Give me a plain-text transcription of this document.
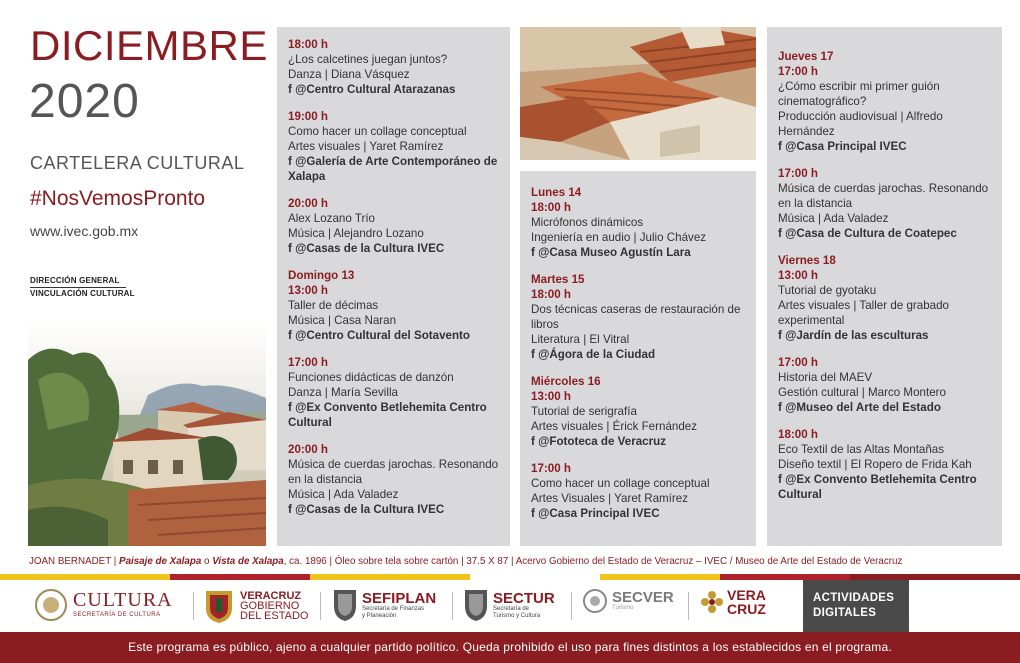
DICIEMBRE
2020
CARTELERA CULTURAL
#NosVemosPronto
www.ivec.gob.mx
DIRECCIÓN GENERAL
VINCULACIÓN CULTURAL
18:00 h
¿Los calcetines juegan juntos?
Danza | Diana Vásquez
f @Centro Cultural Atarazanas
19:00 h
Como hacer un collage conceptual
Artes visuales | Yaret Ramírez
f @Galería de Arte Contemporáneo de Xalapa
20:00 h
Alex Lozano Trío
Música | Alejandro Lozano
f @Casas de la Cultura IVEC
Domingo 13
13:00 h
Taller de décimas
Música | Casa Naran
f @Centro Cultural del Sotavento
17:00 h
Funciones didácticas de danzón
Danza | María Sevilla
f @Ex Convento Betlehemita Centro Cultural
20:00 h
Música de cuerdas jarochas. Resonando en la distancia
Música | Ada Valadez
f @Casas de la Cultura IVEC
Lunes 14
18:00 h
Micrófonos dinámicos
Ingeniería en audio | Julio Chávez
f @Casa Museo Agustín Lara
Martes 15
18:00 h
Dos técnicas caseras de restauración de libros
Literatura | El Vitral
f @Ágora de la Ciudad
Miércoles 16
13:00 h
Tutorial de serigrafía
Artes visuales | Érick Fernández
f @Fototeca de Veracruz
17:00 h
Como hacer un collage conceptual
Artes Visuales | Yaret Ramírez
f @Casa Principal IVEC
Jueves 17
17:00 h
¿Cómo escribir mi primer guión cinematográfico?
Producción audiovisual | Alfredo Hernández
f @Casa Principal IVEC
17:00 h
Música de cuerdas jarochas. Resonando en la distancia
Música | Ada Valadez
f @Casa de Cultura de Coatepec
Viernes 18
13:00 h
Tutorial de gyotaku
Artes visuales | Taller de grabado experimental
f @Jardín de las esculturas
17:00 h
Historia del MAEV
Gestión cultural | Marco Montero
f @Museo del Arte del Estado
18:00 h
Eco Textil de las Altas Montañas
Diseño textil | El Ropero de Frida Kah
f @Ex Convento Betlehemita Centro Cultural
JOAN BERNADET | Paisaje de Xalapa o Vista de Xalapa, ca. 1896 | Óleo sobre tela sobre cartón | 37.5 X 87 | Acervo Gobierno del Estado de Veracruz – IVEC / Museo de Arte del Estado de Veracruz
CULTURA
SECRETARÍA DE CULTURA
VERACRUZ
GOBIERNO
DEL ESTADO
SEFIPLAN
Secretaría de Finanzas
y Planeación
SECTUR
Secretaría de
Turismo y Cultura
SECVER
Turismo
VERA
CRUZ
ACTIVIDADES
DIGITALES
Este programa es público, ajeno a cualquier partido político. Queda prohibido el uso para fines distintos a los establecidos en el programa.
